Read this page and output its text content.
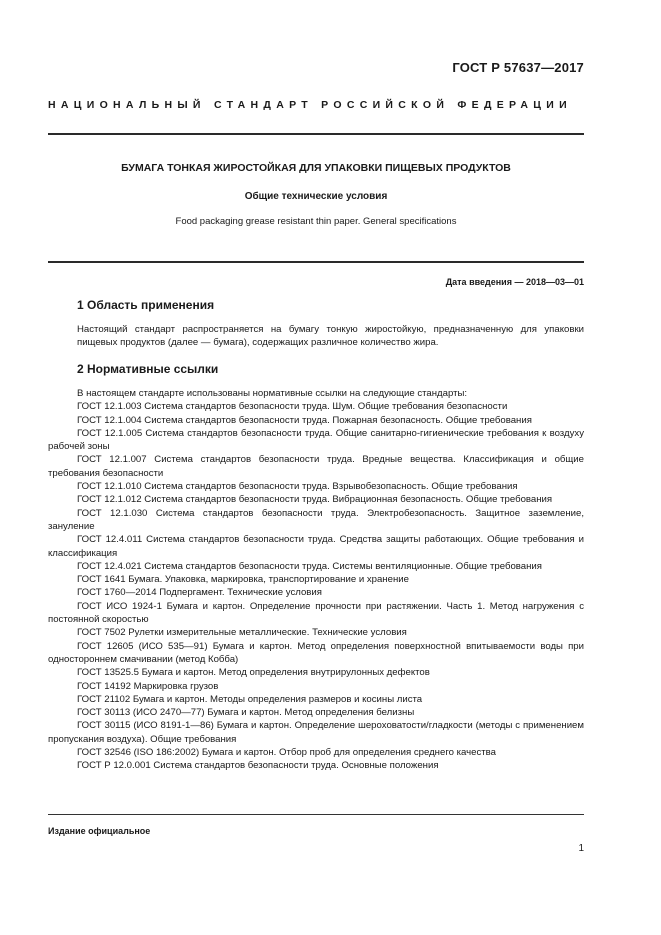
ГОСТ Р 57637—2017
НАЦИОНАЛЬНЫЙ СТАНДАРТ РОССИЙСКОЙ ФЕДЕРАЦИИ
БУМАГА ТОНКАЯ ЖИРОСТОЙКАЯ ДЛЯ УПАКОВКИ ПИЩЕВЫХ ПРОДУКТОВ
Общие технические условия
Food packaging grease resistant thin paper. General specifications
Дата введения — 2018—03—01
1 Область применения
Настоящий стандарт распространяется на бумагу тонкую жиростойкую, предназначенную для упаковки пищевых продуктов (далее — бумага), содержащих различное количество жира.
2 Нормативные ссылки

В настоящем стандарте использованы нормативные ссылки на следующие стандарты:

ГОСТ 12.1.003 Система стандартов безопасности труда. Шум. Общие требования безопасности

ГОСТ 12.1.004 Система стандартов безопасности труда. Пожарная безопасность. Общие требования

ГОСТ 12.1.005 Система стандартов безопасности труда. Общие санитарно-гигиенические требования к воздуху рабочей зоны

ГОСТ 12.1.007 Система стандартов безопасности труда. Вредные вещества. Классификация и общие требования безопасности

ГОСТ 12.1.010 Система стандартов безопасности труда. Взрывобезопасность. Общие требования

ГОСТ 12.1.012 Система стандартов безопасности труда. Вибрационная безопасность. Общие требования

ГОСТ 12.1.030 Система стандартов безопасности труда. Электробезопасность. Защитное заземление, зануление

ГОСТ 12.4.011 Система стандартов безопасности труда. Средства защиты работающих. Общие требования и классификация

ГОСТ 12.4.021 Система стандартов безопасности труда. Системы вентиляционные. Общие требования

ГОСТ 1641 Бумага. Упаковка, маркировка, транспортирование и хранение

ГОСТ 1760—2014 Подпергамент. Технические условия

ГОСТ ИСО 1924-1 Бумага и картон. Определение прочности при растяжении. Часть 1. Метод нагружения с постоянной скоростью

ГОСТ 7502 Рулетки измерительные металлические. Технические условия

ГОСТ 12605 (ИСО 535—91) Бумага и картон. Метод определения поверхностной впитываемости воды при одностороннем смачивании (метод Кобба)

ГОСТ 13525.5 Бумага и картон. Метод определения внутрирулонных дефектов

ГОСТ 14192 Маркировка грузов

ГОСТ 21102 Бумага и картон. Методы определения размеров и косины листа

ГОСТ 30113 (ИСО 2470—77) Бумага и картон. Метод определения белизны

ГОСТ 30115 (ИСО 8191-1—86) Бумага и картон. Определение шероховатости/гладкости (методы с применением пропускания воздуха). Общие требования

ГОСТ 32546 (ISO 186:2002) Бумага и картон. Отбор проб для определения среднего качества

ГОСТ Р 12.0.001 Система стандартов безопасности труда. Основные положения

Издание официальное
1
